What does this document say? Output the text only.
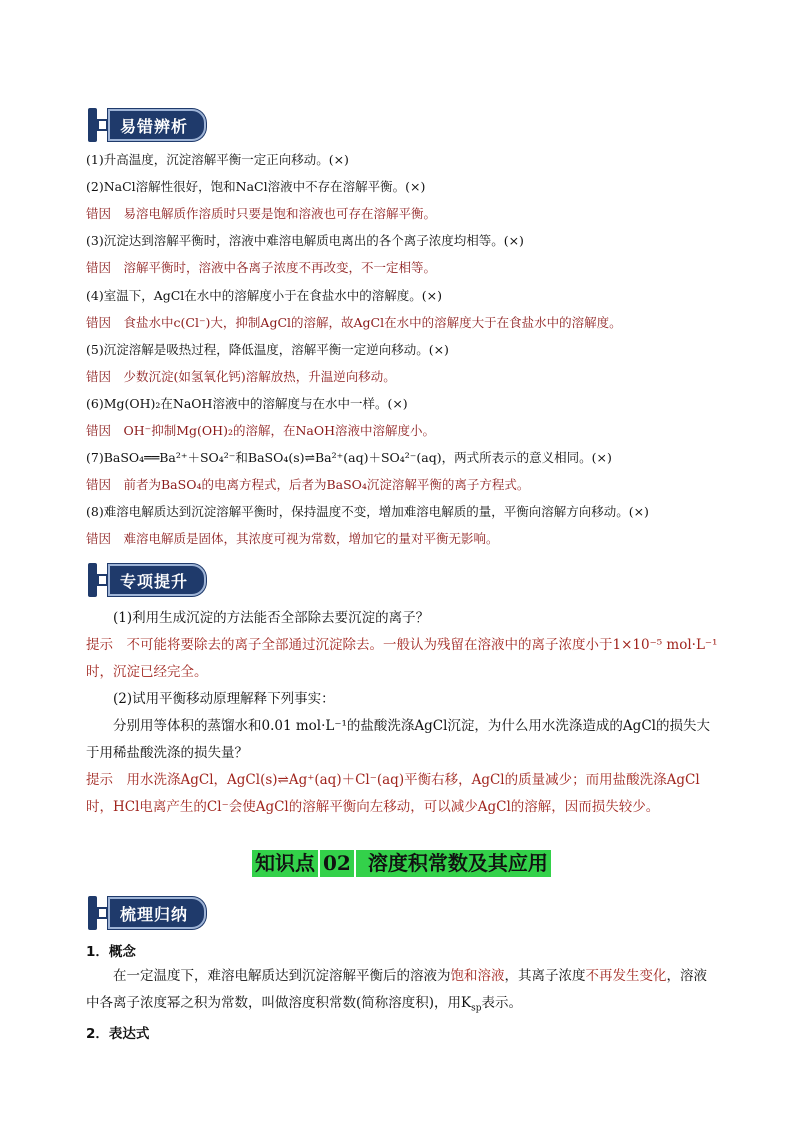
易错辨析
(1)升高温度，沉淀溶解平衡一定正向移动。(×)
(2)NaCl溶解性很好，饱和NaCl溶液中不存在溶解平衡。(×)
错因　易溶电解质作溶质时只要是饱和溶液也可存在溶解平衡。
(3)沉淀达到溶解平衡时，溶液中难溶电解质电离出的各个离子浓度均相等。(×)
错因　溶解平衡时，溶液中各离子浓度不再改变，不一定相等。
(4)室温下，AgCl在水中的溶解度小于在食盐水中的溶解度。(×)
错因　食盐水中c(Cl⁻)大，抑制AgCl的溶解，故AgCl在水中的溶解度大于在食盐水中的溶解度。
(5)沉淀溶解是吸热过程，降低温度，溶解平衡一定逆向移动。(×)
错因　少数沉淀(如氢氧化钙)溶解放热，升温逆向移动。
(6)Mg(OH)₂在NaOH溶液中的溶解度与在水中一样。(×)
错因　OH⁻抑制Mg(OH)₂的溶解，在NaOH溶液中溶解度小。
(7)BaSO₄══Ba²⁺＋SO₄²⁻和BaSO₄(s)⇌Ba²⁺(aq)＋SO₄²⁻(aq)，两式所表示的意义相同。(×)
错因　前者为BaSO₄的电离方程式，后者为BaSO₄沉淀溶解平衡的离子方程式。
(8)难溶电解质达到沉淀溶解平衡时，保持温度不变，增加难溶电解质的量，平衡向溶解方向移动。(×)
错因　难溶电解质是固体，其浓度可视为常数，增加它的量对平衡无影响。
专项提升
(1)利用生成沉淀的方法能否全部除去要沉淀的离子？
提示　不可能将要除去的离子全部通过沉淀除去。一般认为残留在溶液中的离子浓度小于1×10⁻⁵ mol·L⁻¹时，沉淀已经完全。
(2)试用平衡移动原理解释下列事实：
分别用等体积的蒸馏水和0.01 mol·L⁻¹的盐酸洗涤AgCl沉淀，为什么用水洗涤造成的AgCl的损失大于用稀盐酸洗涤的损失量？
提示　用水洗涤AgCl，AgCl(s)⇌Ag⁺(aq)＋Cl⁻(aq)平衡右移，AgCl的质量减少；而用盐酸洗涤AgCl时，HCl电离产生的Cl⁻会使AgCl的溶解平衡向左移动，可以减少AgCl的溶解，因而损失较少。
知识点 02 溶度积常数及其应用
梳理归纳
1．概念
在一定温度下，难溶电解质达到沉淀溶解平衡后的溶液为饱和溶液，其离子浓度不再发生变化，溶液中各离子浓度幂之积为常数，叫做溶度积常数(简称溶度积)，用$K_{sp}$表示。
2．表达式
